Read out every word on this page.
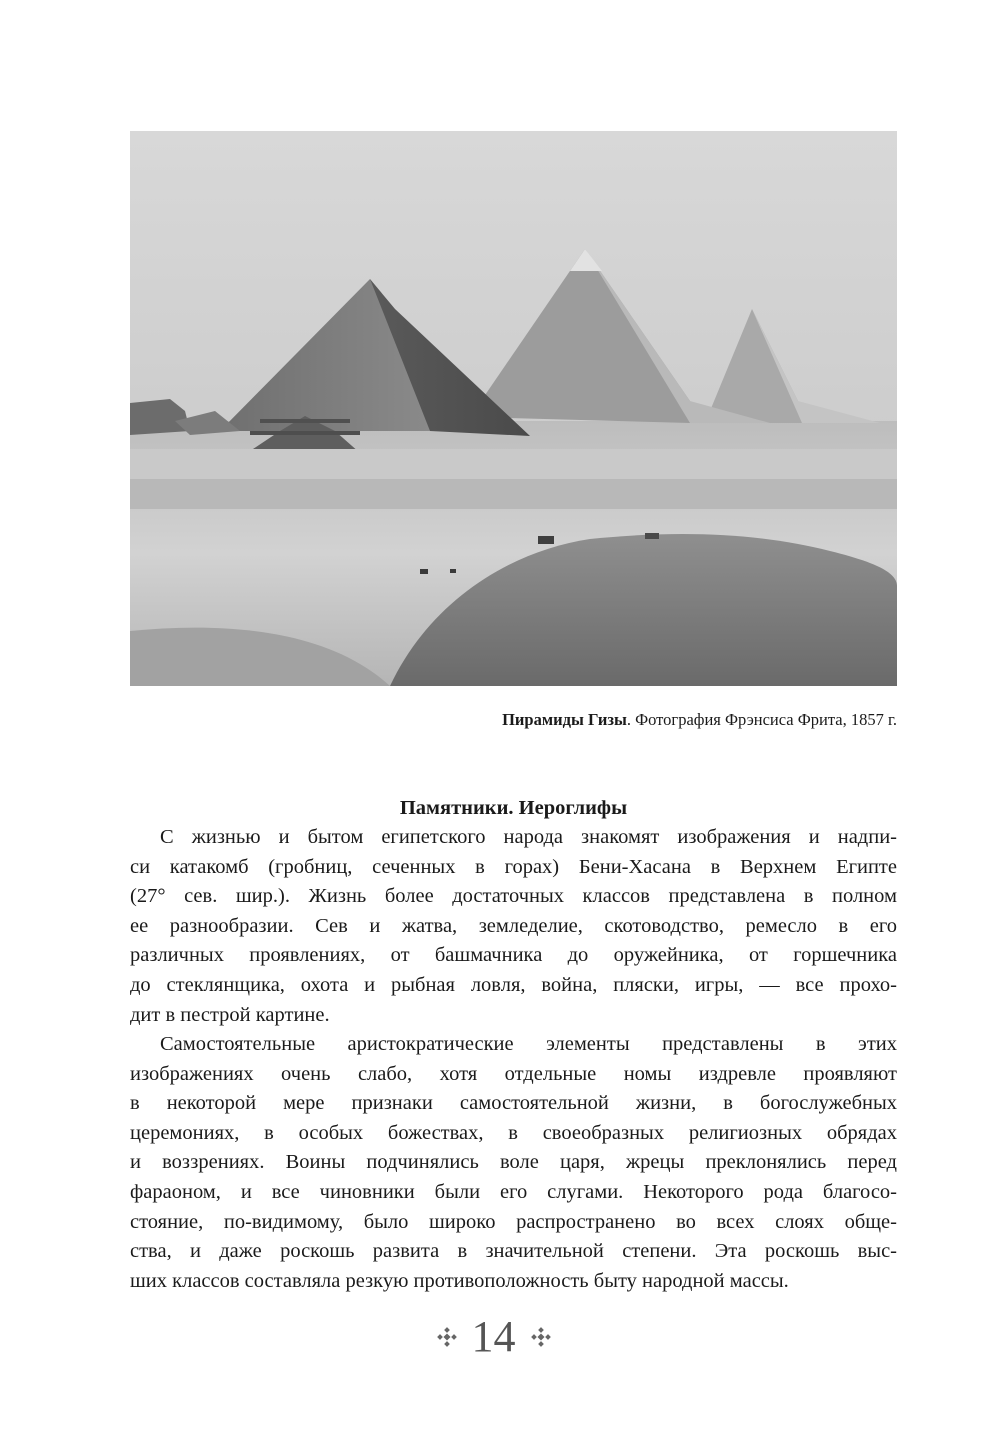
Пирамиды Гизы. Фотография Фрэнсиса Фрита, 1857 г.
Памятники. Иероглифы
С жизнью и бытом египетского народа знакомят изображения и надпи-
си катакомб (гробниц, сеченных в горах) Бени-Хасана в Верхнем Египте
(27° сев. шир.). Жизнь более достаточных классов представлена в полном
ее разнообразии. Сев и жатва, земледелие, скотоводство, ремесло в его
различных проявлениях, от башмачника до оружейника, от горшечника
до стеклянщика, охота и рыбная ловля, война, пляски, игры, — все прохо-
дит в пестрой картине.
Самостоятельные аристократические элементы представлены в этих
изображениях очень слабо, хотя отдельные номы издревле проявляют
в некоторой мере признаки самостоятельной жизни, в богослужебных
церемониях, в особых божествах, в своеобразных религиозных обрядах
и воззрениях. Воины подчинялись воле царя, жрецы преклонялись перед
фараоном, и все чиновники были его слугами. Некоторого рода благосо-
стояние, по-видимому, было широко распространено во всех слоях обще-
ства, и даже роскошь развита в значительной степени. Эта роскошь выс-
ших классов составляла резкую противоположность быту народной массы.
14
